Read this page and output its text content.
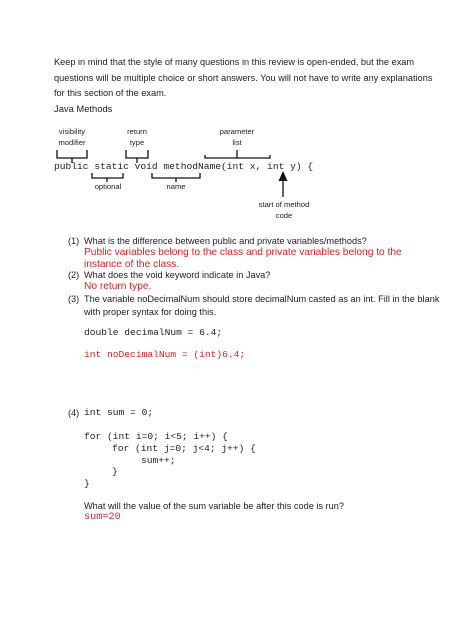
Keep in mind that the style of many questions in this review is open-ended, but the exam
questions will be multiple choice or short answers. You will not have to write any explanations
for this section of the exam.
Java Methods
visibility
modifier
return
type
parameter
list
public static void methodName(int x, int y) {
optional	name
start of method
code
(1) What is the difference between public and private variables/methods?
Public variables belong to the class and private variables belong to the
instance of the class.
(2) What does the void keyword indicate in Java?
No return type.
(3) The variable noDecimalNum should store decimalNum casted as an int. Fill in the blank
with proper syntax for doing this.
double decimalNum = 6.4;
int noDecimalNum = (int)6.4;
(4) int sum = 0;
for (int i=0; i<5; i++) {
for (int j=0; j<4; j++) {
sum++;
}
}
What will the value of the sum variable be after this code is run?
sum=20
